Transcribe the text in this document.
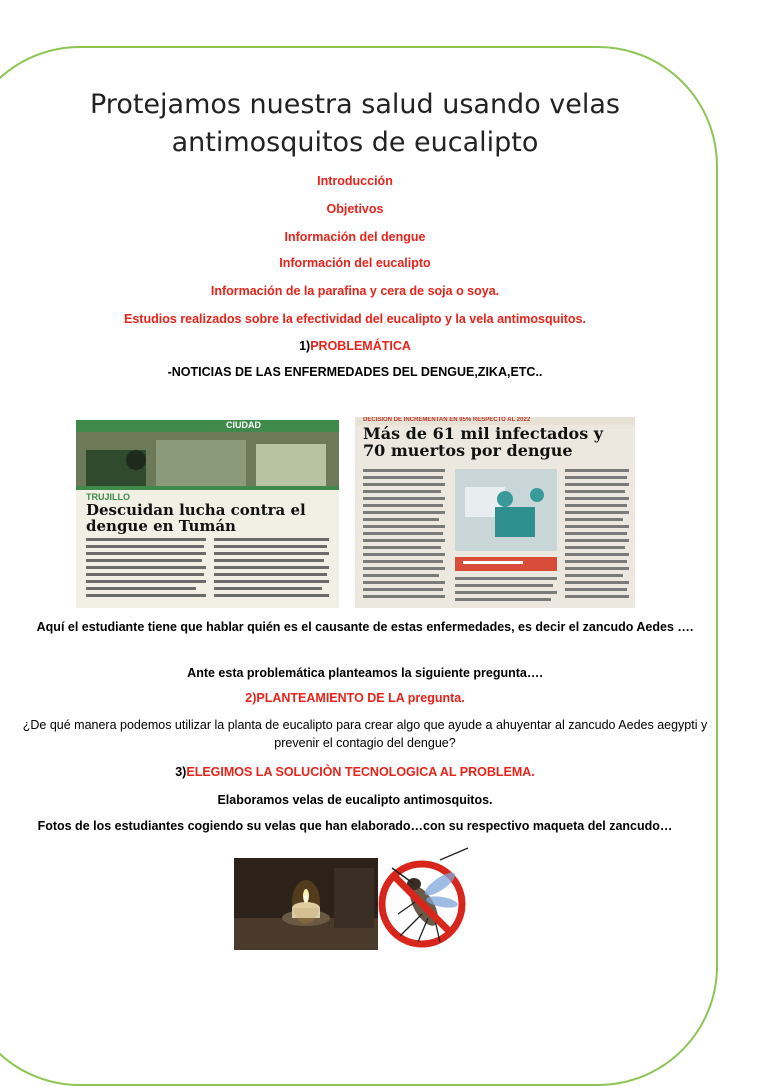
Protejamos nuestra salud usando velas antimosquitos de eucalipto
Introducción
Objetivos
Información del dengue
Información del eucalipto
Información de la parafina y cera de soja o soya.
Estudios realizados sobre la efectividad del eucalipto y la vela antimosquitos.
1)PROBLEMÁTICA
-NOTICIAS DE LAS ENFERMEDADES DEL DENGUE,ZIKA,ETC..
CIUDAD
TRUJILLO
Descuidan lucha contra el dengue en Tumán
DECISIÓN DE INCREMENTAN EN 95% RESPECTO AL 2022
Más de 61 mil infectados y 70 muertos por dengue
Aquí el estudiante tiene que hablar quién es el causante de estas enfermedades, es decir el zancudo Aedes ….
Ante esta problemática planteamos la siguiente pregunta….
2)PLANTEAMIENTO DE LA pregunta.
¿De qué manera podemos utilizar la planta de eucalipto para crear algo que ayude a ahuyentar al zancudo Aedes aegypti y prevenir el contagio del dengue?
3)ELEGIMOS LA SOLUCIÒN TECNOLOGICA AL PROBLEMA.
Elaboramos velas de eucalipto antimosquitos.
Fotos de los estudiantes cogiendo su velas que han elaborado…con su respectivo maqueta del zancudo…
